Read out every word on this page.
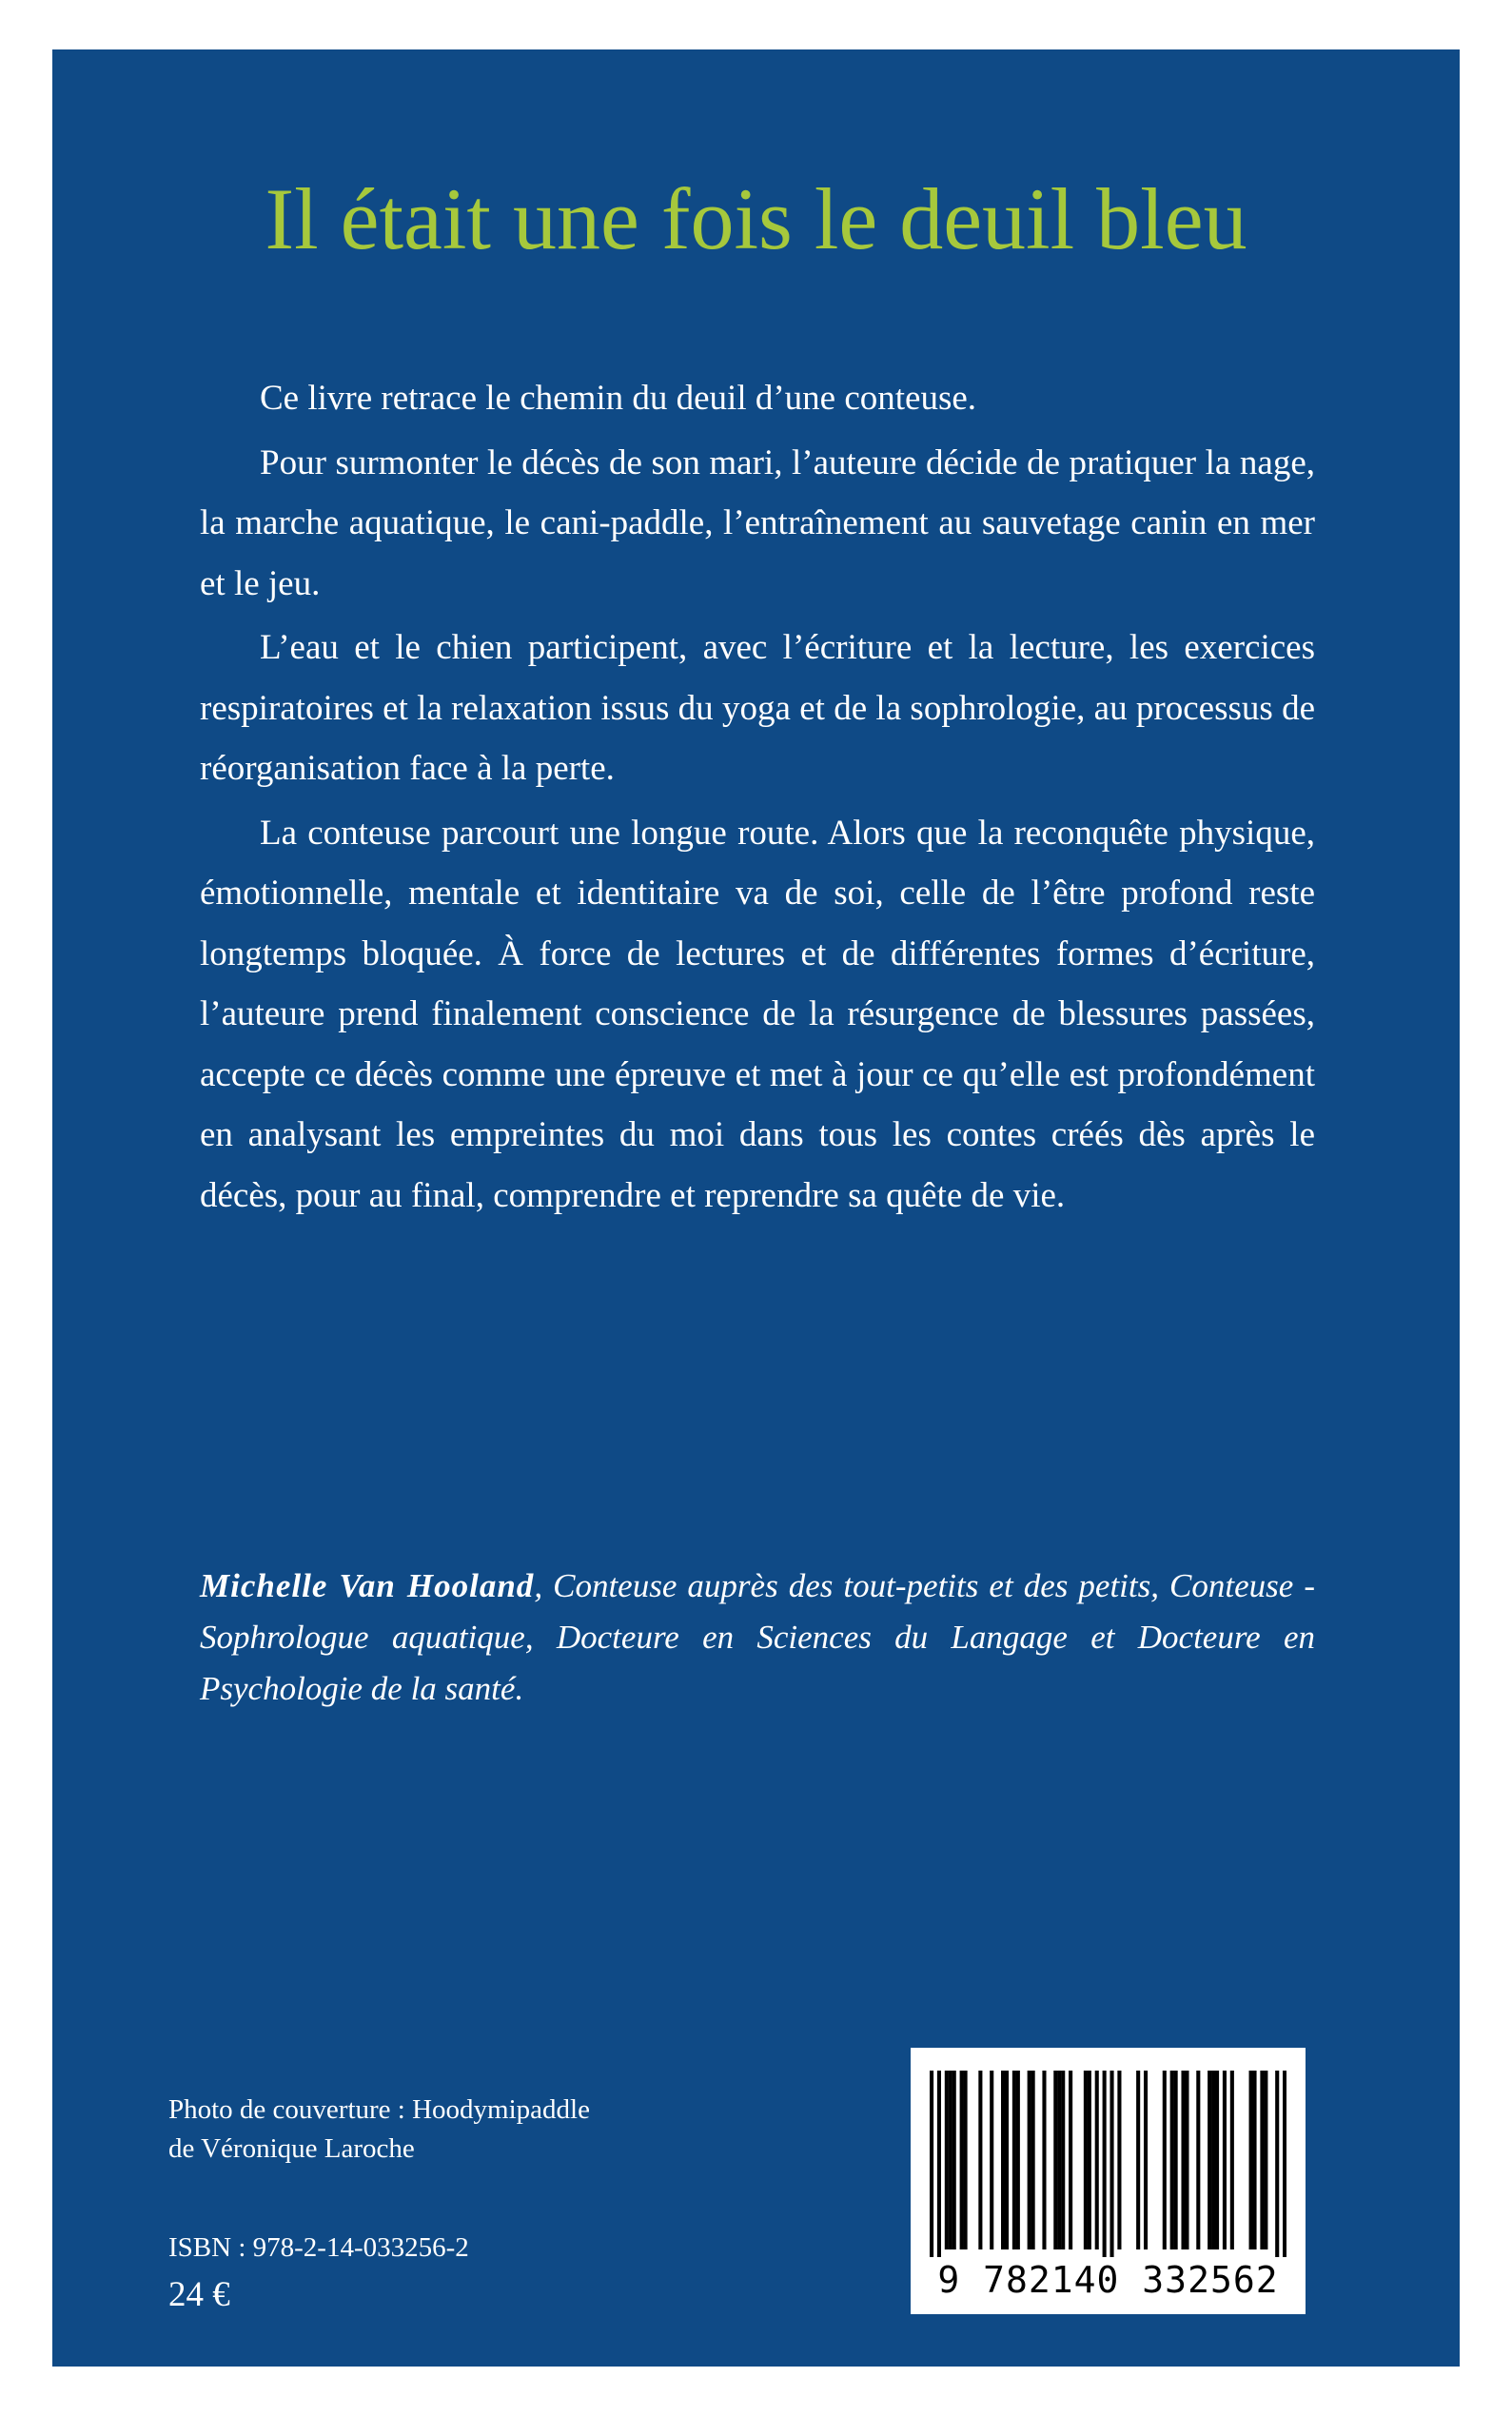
Il était une fois le deuil bleu

Ce livre retrace le chemin du deuil d’une conteuse.

Pour surmonter le décès de son mari, l’auteure décide de pratiquer la nage, la marche aquatique, le cani-paddle, l’entraînement au sauvetage canin en mer et le jeu.

L’eau et le chien participent, avec l’écriture et la lecture, les exercices respiratoires et la relaxation issus du yoga et de la sophrologie, au processus de réorganisation face à la perte.

La conteuse parcourt une longue route. Alors que la reconquête physique, émotionnelle, mentale et identitaire va de soi, celle de l’être profond reste longtemps bloquée. À force de lectures et de différentes formes d’écriture, l’auteure prend finalement conscience de la résurgence de blessures passées, accepte ce décès comme une épreuve et met à jour ce qu’elle est profondément en analysant les empreintes du moi dans tous les contes créés dès après le décès, pour au final, comprendre et reprendre sa quête de vie.

Michelle Van Hooland, Conteuse auprès des tout-petits et des petits, Conteuse - Sophrologue aquatique, Docteure en Sciences du Langage et Docteure en Psychologie de la santé.
Photo de couverture : Hoodymipaddle
de Véronique Laroche
ISBN : 978-2-14-033256-2
24 €	9 782140 332562
